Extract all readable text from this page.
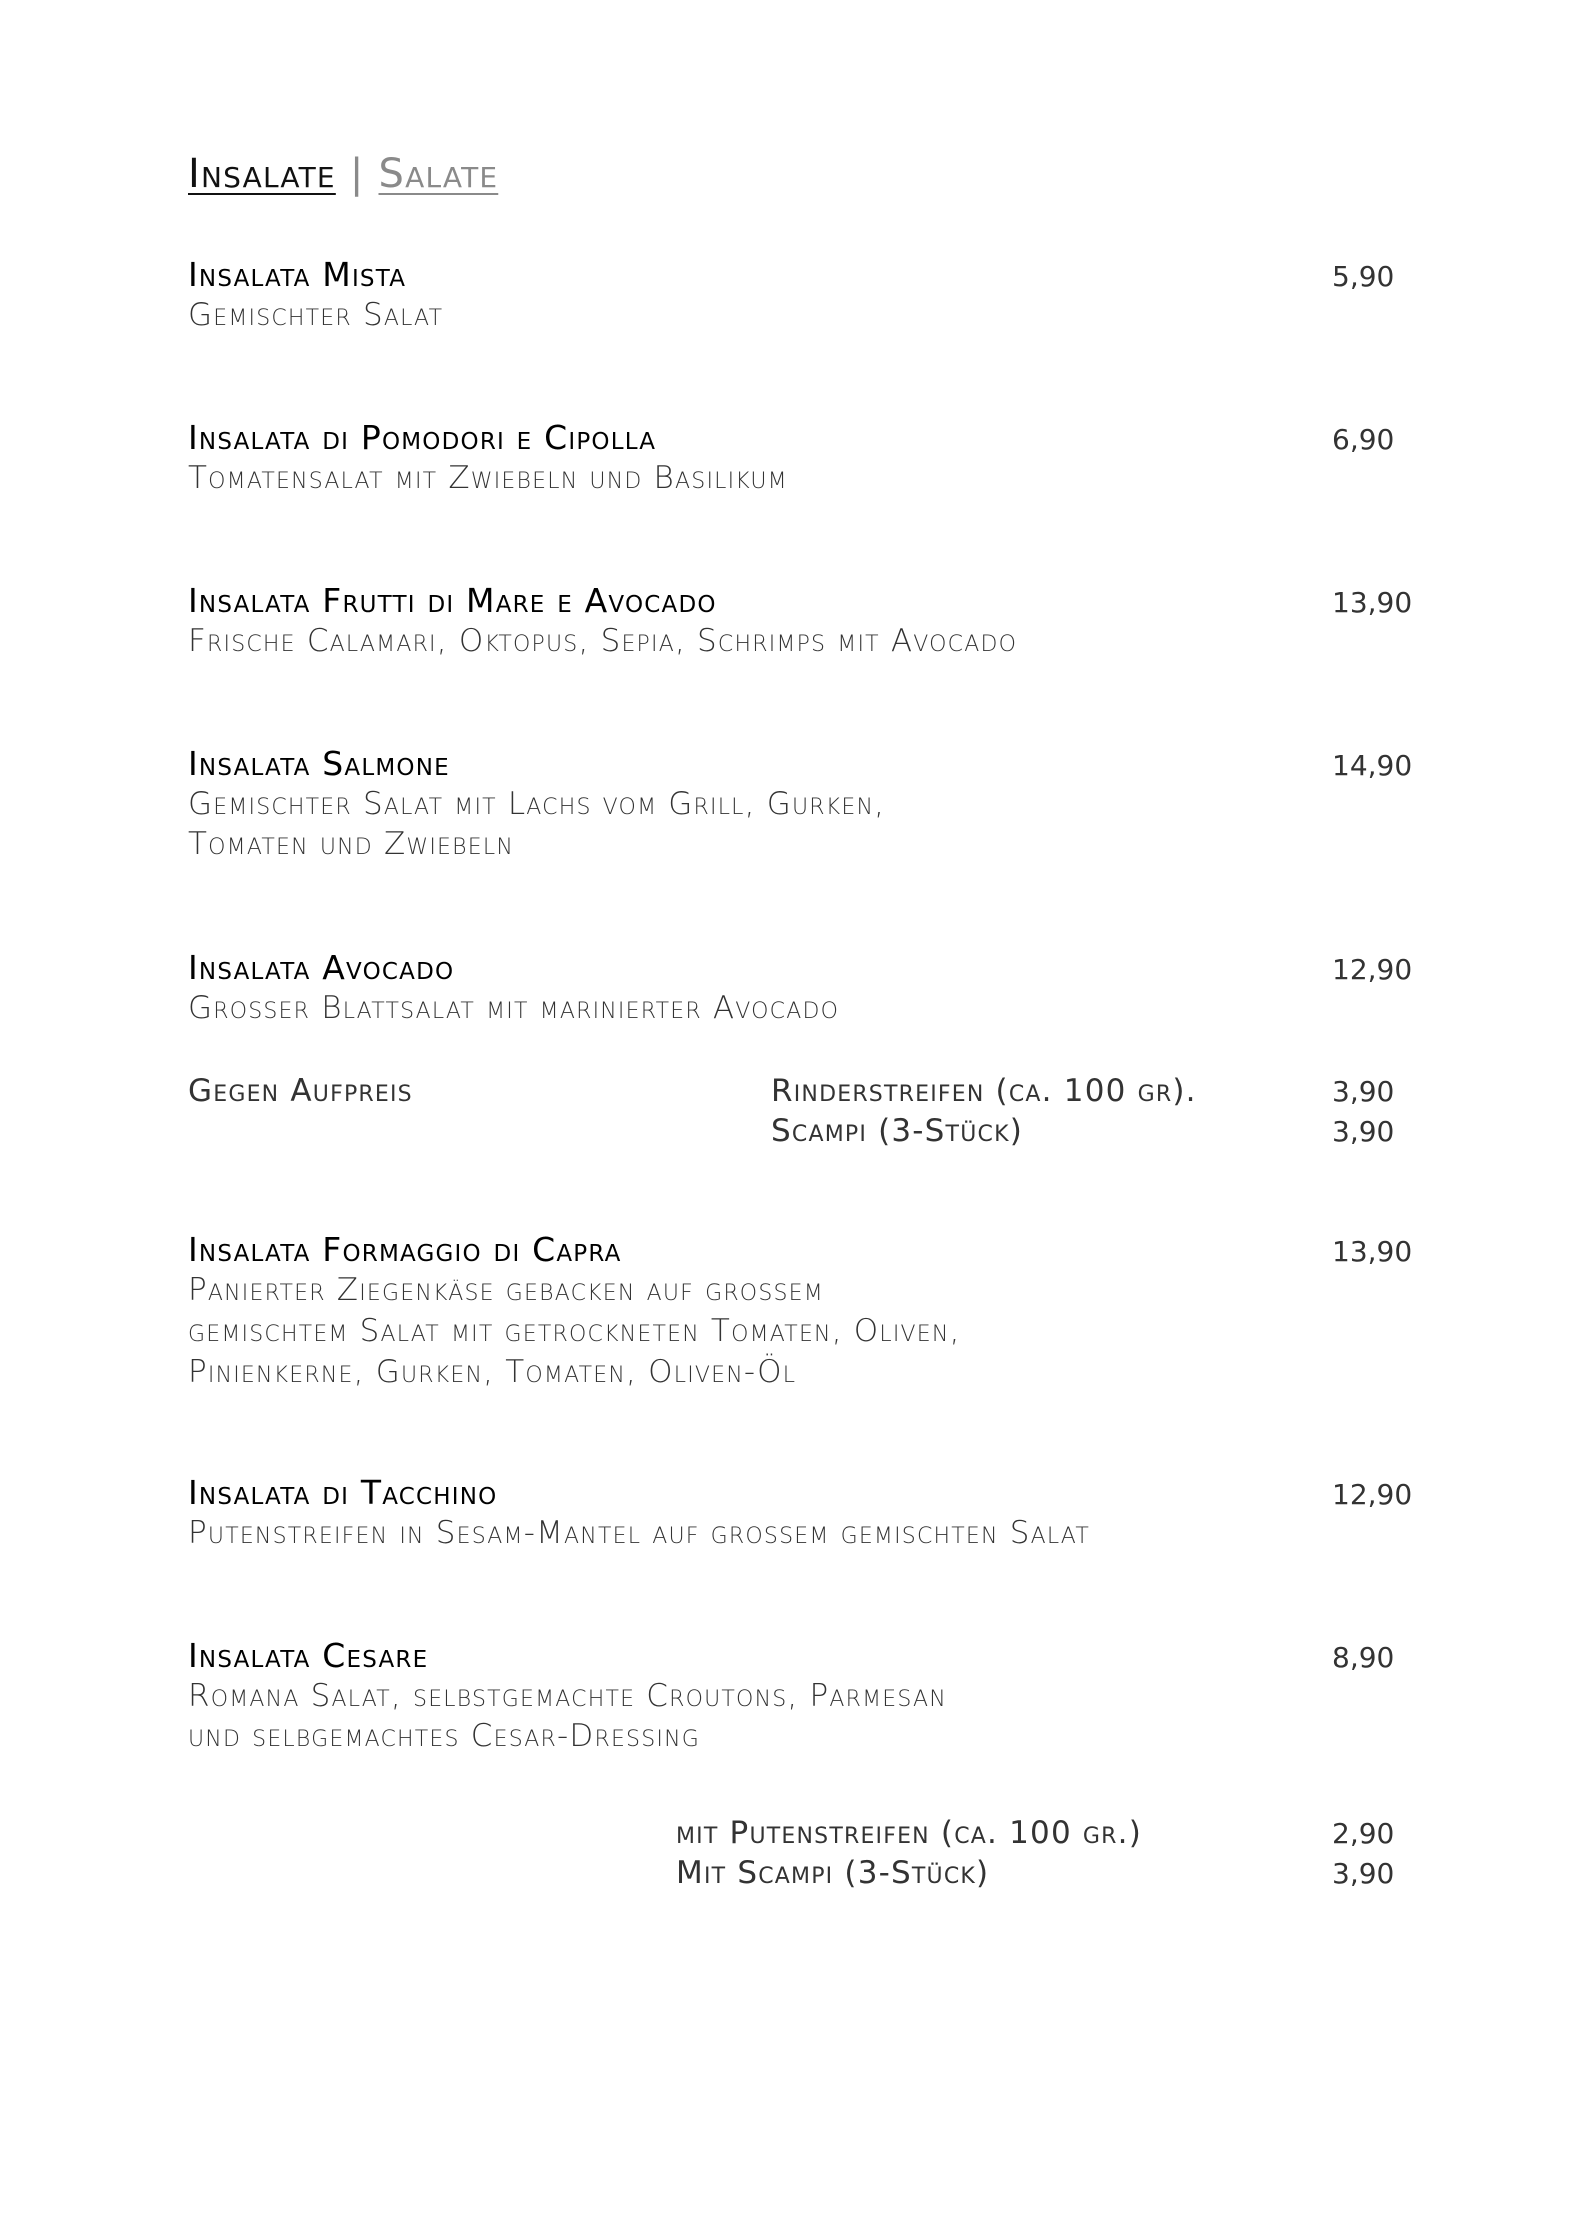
Insalate | Salate
Insalata Mista	5,90
Gemischter Salat
Insalata di Pomodori e Cipolla	6,90
Tomatensalat mit Zwiebeln und Basilikum
Insalata Frutti di Mare e Avocado	13,90
Frische Calamari, Oktopus, Sepia, Schrimps mit Avocado
Insalata Salmone	14,90
Gemischter Salat mit Lachs vom Grill, Gurken,
Tomaten und Zwiebeln
Insalata Avocado	12,90
Grosser Blattsalat mit marinierter Avocado
Gegen Aufpreis	Rinderstreifen (ca. 100 gr).	3,90
Scampi (3-Stück)	3,90
Insalata Formaggio di Capra	13,90
Panierter Ziegenkäse gebacken auf grossem
gemischtem Salat mit getrockneten Tomaten, Oliven,
Pinienkerne, Gurken, Tomaten, Oliven-Öl
Insalata di Tacchino	12,90
Putenstreifen in Sesam-Mantel auf grossem gemischten Salat
Insalata Cesare	8,90
Romana Salat, selbstgemachte Croutons, Parmesan
und selbgemachtes Cesar-Dressing
mit Putenstreifen (ca. 100 gr.)	2,90
Mit Scampi (3-Stück)	3,90
